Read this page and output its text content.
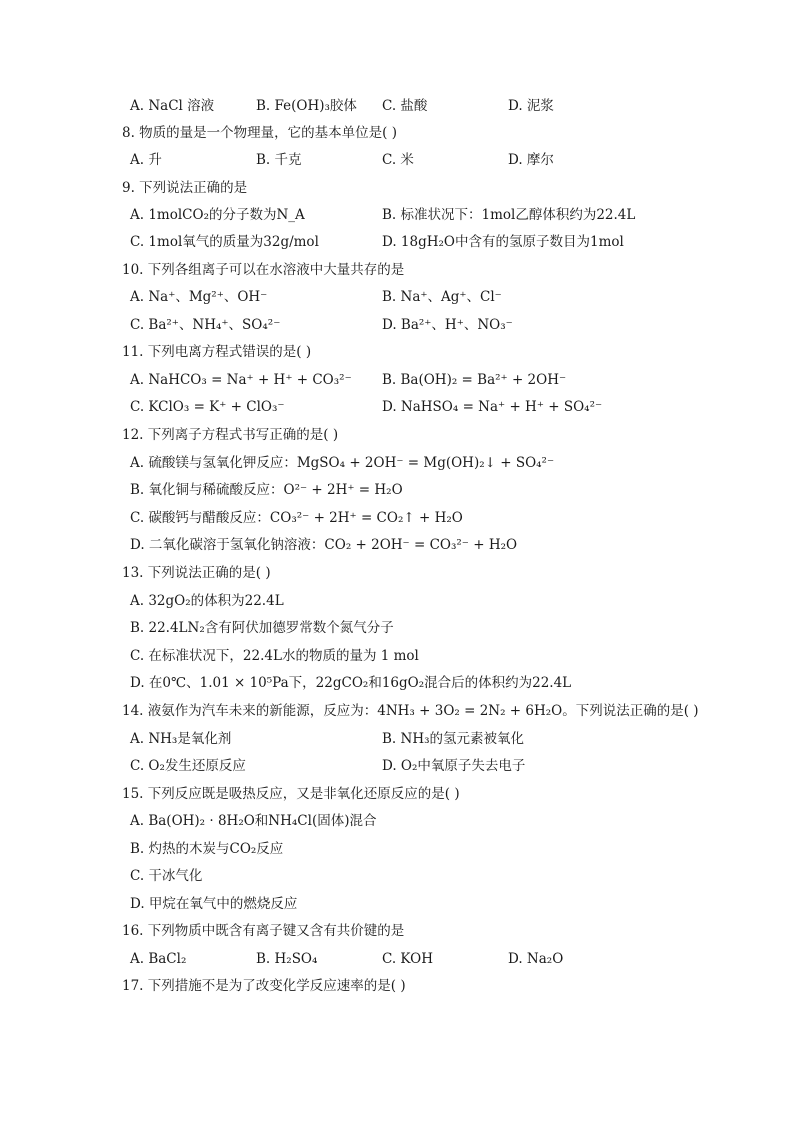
A. NaCl 溶液	B. Fe(OH)₃胶体 C. 盐酸	D. 泥浆
8. 物质的量是一个物理量，它的基本单位是( )
A. 升	B. 千克	C. 米	D. 摩尔
9. 下列说法正确的是
A. 1molCO₂的分子数为N_A	B. 标准状况下：1mol乙醇体积约为22.4L
C. 1mol氧气的质量为32g/mol	D. 18gH₂O中含有的氢原子数目为1mol
10. 下列各组离子可以在水溶液中大量共存的是
A. Na⁺、Mg²⁺、OH⁻	B. Na⁺、Ag⁺、Cl⁻
C. Ba²⁺、NH₄⁺、SO₄²⁻	D. Ba²⁺、H⁺、NO₃⁻
11. 下列电离方程式错误的是( )
A. NaHCO₃ = Na⁺ + H⁺ + CO₃²⁻ B. Ba(OH)₂ = Ba²⁺ + 2OH⁻
C. KClO₃ = K⁺ + ClO₃⁻	D. NaHSO₄ = Na⁺ + H⁺ + SO₄²⁻
12. 下列离子方程式书写正确的是( )
A. 硫酸镁与氢氧化钾反应：MgSO₄ + 2OH⁻ = Mg(OH)₂↓ + SO₄²⁻
B. 氧化铜与稀硫酸反应：O²⁻ + 2H⁺ = H₂O
C. 碳酸钙与醋酸反应：CO₃²⁻ + 2H⁺ = CO₂↑ + H₂O
D. 二氧化碳溶于氢氧化钠溶液：CO₂ + 2OH⁻ = CO₃²⁻ + H₂O
13. 下列说法正确的是( )
A. 32gO₂的体积为22.4L
B. 22.4LN₂含有阿伏加德罗常数个氮气分子
C. 在标准状况下，22.4L水的物质的量为 1 mol
D. 在0℃、1.01 × 10⁵Pa下，22gCO₂和16gO₂混合后的体积约为22.4L
14. 液氨作为汽车未来的新能源，反应为：4NH₃ + 3O₂ = 2N₂ + 6H₂O。下列说法正确的是( )
A. NH₃是氧化剂	B. NH₃的氢元素被氧化
C. O₂发生还原反应	D. O₂中氧原子失去电子
15. 下列反应既是吸热反应，又是非氧化还原反应的是( )
A. Ba(OH)₂ · 8H₂O和NH₄Cl(固体)混合
B. 灼热的木炭与CO₂反应
C. 干冰气化
D. 甲烷在氧气中的燃烧反应
16. 下列物质中既含有离子键又含有共价键的是
A. BaCl₂	B. H₂SO₄	C. KOH	D. Na₂O
17. 下列措施不是为了改变化学反应速率的是( )
